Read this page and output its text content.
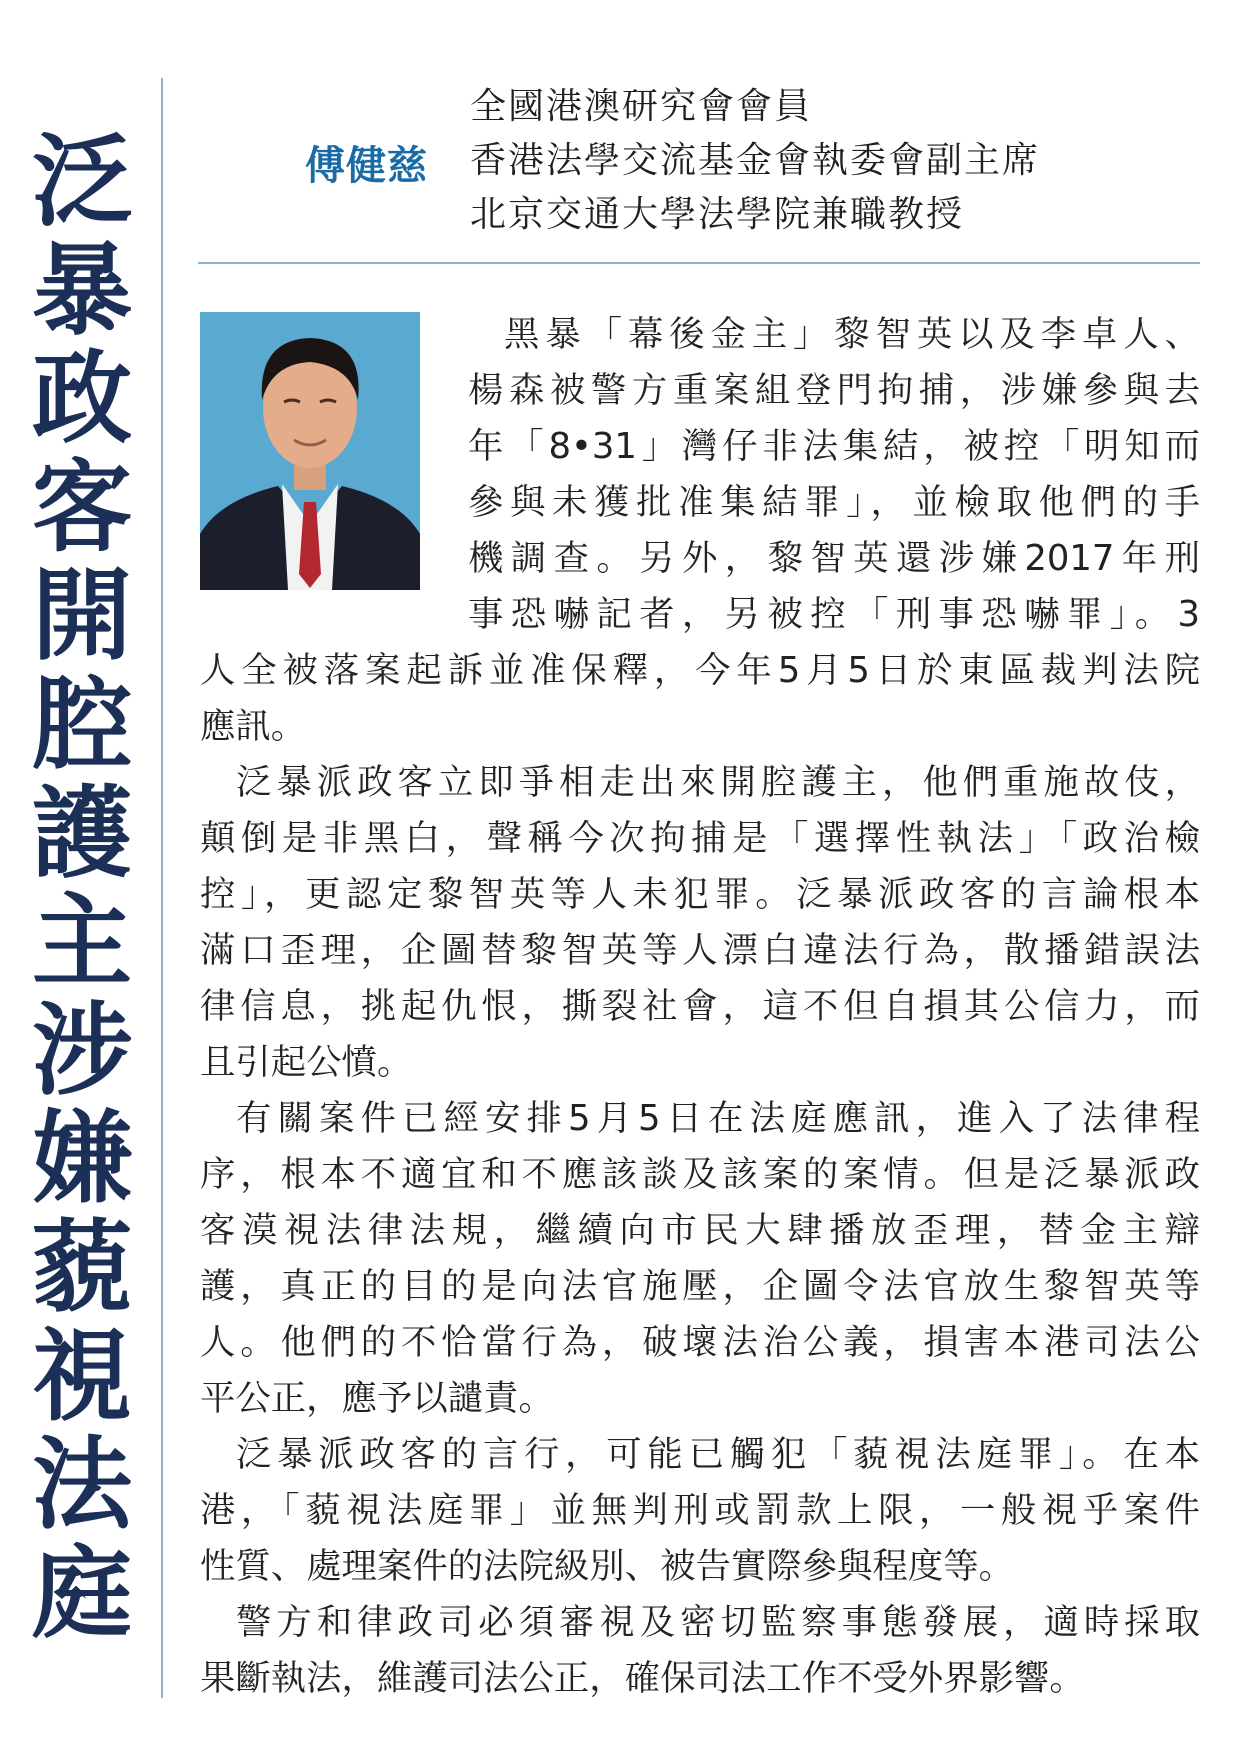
泛
暴
政
客
開
腔
護
主
涉
嫌
藐
視
法
庭
傅健慈
全國港澳研究會會員
香港法學交流基金會執委會副主席
北京交通大學法學院兼職教授
黑暴「幕後金主」黎智英以及李卓人、
楊森被警方重案組登門拘捕，涉嫌參與去
年「8•31」灣仔非法集結，被控「明知而
參與未獲批准集結罪」，並檢取他們的手
機調查。另外，黎智英還涉嫌2017年刑
事恐嚇記者，另被控「刑事恐嚇罪」。3
人全被落案起訴並准保釋，今年5月5日於東區裁判法院
應訊。
泛暴派政客立即爭相走出來開腔護主，他們重施故伎，
顛倒是非黑白，聲稱今次拘捕是「選擇性執法」「政治檢
控」，更認定黎智英等人未犯罪。泛暴派政客的言論根本
滿口歪理，企圖替黎智英等人漂白違法行為，散播錯誤法
律信息，挑起仇恨，撕裂社會，這不但自損其公信力，而
且引起公憤。
有關案件已經安排5月5日在法庭應訊，進入了法律程
序，根本不適宜和不應該談及該案的案情。但是泛暴派政
客漠視法律法規，繼續向市民大肆播放歪理，替金主辯
護，真正的目的是向法官施壓，企圖令法官放生黎智英等
人。他們的不恰當行為，破壞法治公義，損害本港司法公
平公正，應予以譴責。
泛暴派政客的言行，可能已觸犯「藐視法庭罪」。在本
港，「藐視法庭罪」並無判刑或罰款上限，一般視乎案件
性質、處理案件的法院級別、被告實際參與程度等。
警方和律政司必須審視及密切監察事態發展，適時採取
果斷執法，維護司法公正，確保司法工作不受外界影響。
